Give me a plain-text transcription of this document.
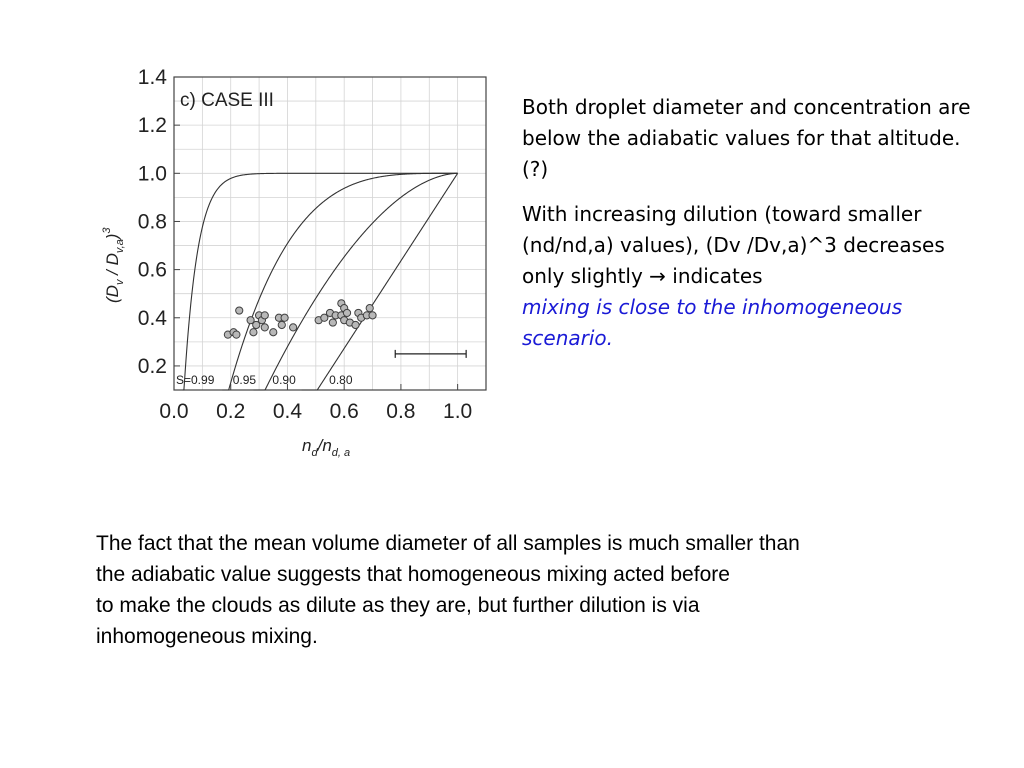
0.0 0.2 0.4 0.6 0.8 1.0
0.2
0.4
0.6
0.8
1.0
1.2
1.4
c) CASE III
S=0.99 0.95 0.90	0.80
$n_d/n_{d, a}$
$(D_v / D_{v,a})^3$

Both droplet diameter and concentration are below the adiabatic values for that altitude. (?)

With increasing dilution (toward smaller (nd/nd,a) values), (Dv /Dv,a)^3 decreases only slightly → indicates
mixing is close to the inhomogeneous scenario.

The fact that the mean volume diameter of all samples is much smaller than

the adiabatic value suggests that homogeneous mixing acted before

to make the clouds as dilute as they are, but further dilution is via

inhomogeneous mixing.
